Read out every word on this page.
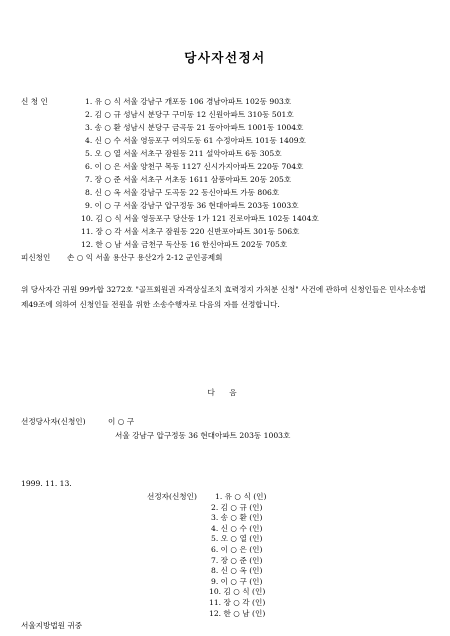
당사자선정서
신 청 인	1. 유 ○ 식 서울 강남구 개포동 106 경남아파트 102동 903호
2. 김 ○ 규 성남시 분당구 구미동 12 신원아파트 310동 501호
3. 송 ○ 환 성남시 분당구 금곡동 21 동아아파트 1001동 1004호
4. 신 ○ 수 서울 영등포구 여의도동 61 수정아파트 101동 1409호
5. 오 ○ 열 서울 서초구 잠원동 211 설악아파트 6동 305호
6. 이 ○ 은 서울 양천구 목동 1127 신시가지아파트 220동 704호
7. 장 ○ 준 서울 서초구 서초동 1611 삼풍아파트 20동 205호
8. 신 ○ 옥 서울 강남구 도곡동 22 동신아파트 가동 806호
9. 이 ○ 구 서울 강남구 압구정동 36 현대아파트 203동 1003호
10. 김 ○ 식 서울 영등포구 당산동 1가 121 진로아파트 102동 1404호
11. 장 ○ 각 서울 서초구 잠원동 220 신반포아파트 301동 506호
12. 한 ○ 남 서울 금천구 독산동 16 한신아파트 202동 705호
피신청인 손 ○ 익 서울 용산구 용산2가 2-12 군인공제회
위 당사자간 귀원 99카합 3272호 "골프회원권 자격상실조치 효력정지 가처분 신청" 사건에 관하여 신청인들은 민사소송법 제49조에 의하여 신청인들 전원을 위한 소송수행자로 다음의 자를 선정합니다.
다 음
선정당사자(신청인)	이 ○ 구
서울 강남구 압구정동 36 현대아파트 203동 1003호
1999. 11. 13.
선정자(신청인) 1. 유 ○ 식 (인)
2. 김 ○ 규 (인)
3. 송 ○ 환 (인)
4. 신 ○ 수 (인)
5. 오 ○ 열 (인)
6. 이 ○ 은 (인)
7. 장 ○ 준 (인)
8. 신 ○ 옥 (인)
9. 이 ○ 구 (인)
10. 김 ○ 식 (인)
11. 장 ○ 각 (인)
12. 한 ○ 남 (인)
서울지방법원 귀중
